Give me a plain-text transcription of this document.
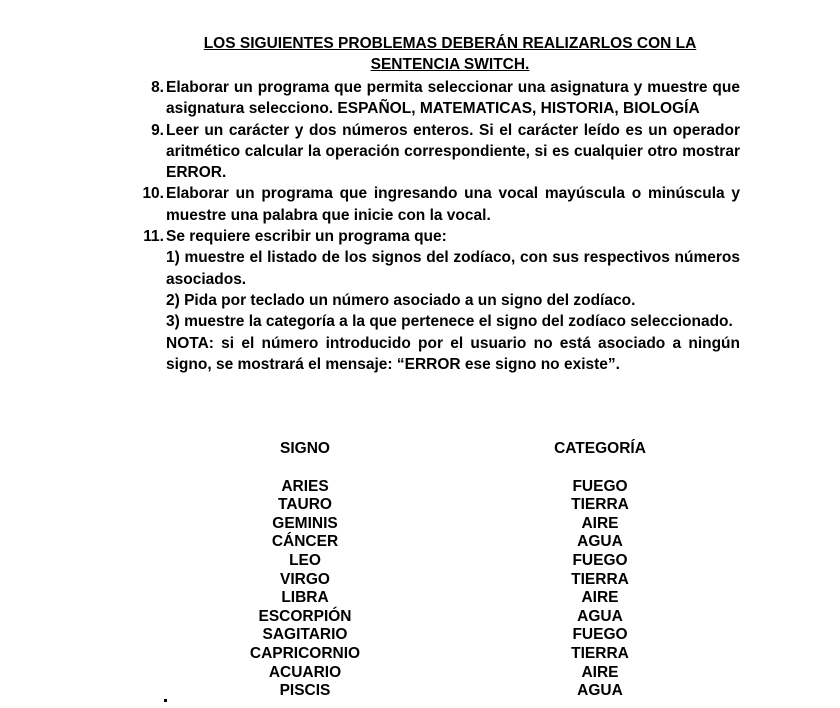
LOS SIGUIENTES PROBLEMAS DEBERÁN REALIZARLOS CON LA
SENTENCIA SWITCH.
8. Elaborar un programa que permita seleccionar una asignatura y muestre que asignatura selecciono. ESPAÑOL, MATEMATICAS, HISTORIA, BIOLOGÍA
9. Leer un carácter y dos números enteros. Si el carácter leído es un operador aritmético calcular la operación correspondiente, si es cualquier otro mostrar ERROR.
10. Elaborar un programa que ingresando una vocal mayúscula o minúscula y muestre una palabra que inicie con la vocal.
11. Se requiere escribir un programa que:
1) muestre el listado de los signos del zodíaco, con sus respectivos números asociados.
2) Pida por teclado un número asociado a un signo del zodíaco.
3) muestre la categoría a la que pertenece el signo del zodíaco seleccionado.
NOTA: si el número introducido por el usuario no está asociado a ningún signo, se mostrará el mensaje: “ERROR ese signo no existe”.
SIGNO
ARIES
TAURO
GEMINIS
CÁNCER
LEO
VIRGO
LIBRA
ESCORPIÓN
SAGITARIO
CAPRICORNIO
ACUARIO
PISCIS
CATEGORÍA
FUEGO
TIERRA
AIRE
AGUA
FUEGO
TIERRA
AIRE
AGUA
FUEGO
TIERRA
AIRE
AGUA
